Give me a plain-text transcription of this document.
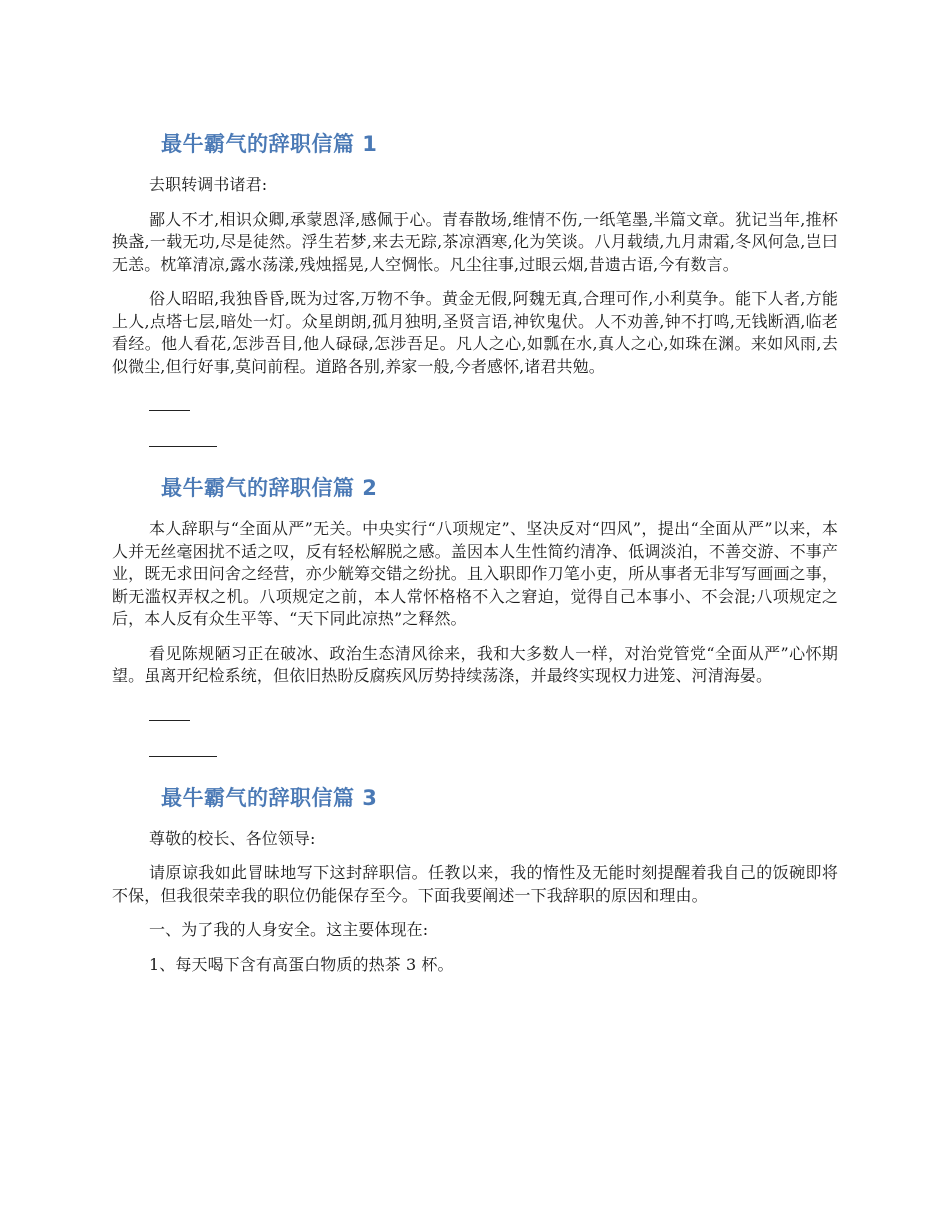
最牛霸气的辞职信篇 1

去职转调书诸君:

鄙人不才,相识众卿,承蒙恩泽,感佩于心。青春散场,维情不伤,一纸笔墨,半篇文章。犹记当年,推杯换盏,一载无功,尽是徒然。浮生若梦,来去无踪,茶凉酒寒,化为笑谈。八月载绩,九月肃霜,冬风何急,岂曰无恙。枕箪清凉,露水荡漾,残烛摇晃,人空惆怅。凡尘往事,过眼云烟,昔遗古语,今有数言。

俗人昭昭,我独昏昏,既为过客,万物不争。黄金无假,阿魏无真,合理可作,小利莫争。能下人者,方能上人,点塔七层,暗处一灯。众星朗朗,孤月独明,圣贤言语,神钦鬼伏。人不劝善,钟不打鸣,无钱断酒,临老看经。他人看花,怎涉吾目,他人碌碌,怎涉吾足。凡人之心,如瓢在水,真人之心,如珠在渊。来如风雨,去似微尘,但行好事,莫问前程。道路各别,养家一般,今者感怀,诸君共勉。

最牛霸气的辞职信篇 2

本人辞职与“全面从严”无关。中央实行“八项规定”、坚决反对“四风”，提出“全面从严”以来，本人并无丝毫困扰不适之叹，反有轻松解脱之感。盖因本人生性简约清净、低调淡泊，不善交游、不事产业，既无求田问舍之经营，亦少觥筹交错之纷扰。且入职即作刀笔小吏，所从事者无非写写画画之事，断无滥权弄权之机。八项规定之前，本人常怀格格不入之窘迫，觉得自己本事小、不会混;八项规定之后，本人反有众生平等、“天下同此凉热”之释然。

看见陈规陋习正在破冰、政治生态清风徐来，我和大多数人一样，对治党管党“全面从严”心怀期望。虽离开纪检系统，但依旧热盼反腐疾风厉势持续荡涤，并最终实现权力进笼、河清海晏。

最牛霸气的辞职信篇 3

尊敬的校长、各位领导:

请原谅我如此冒昧地写下这封辞职信。任教以来，我的惰性及无能时刻提醒着我自己的饭碗即将不保，但我很荣幸我的职位仍能保存至今。下面我要阐述一下我辞职的原因和理由。

一、为了我的人身安全。这主要体现在:

1、每天喝下含有高蛋白物质的热茶 3 杯。
